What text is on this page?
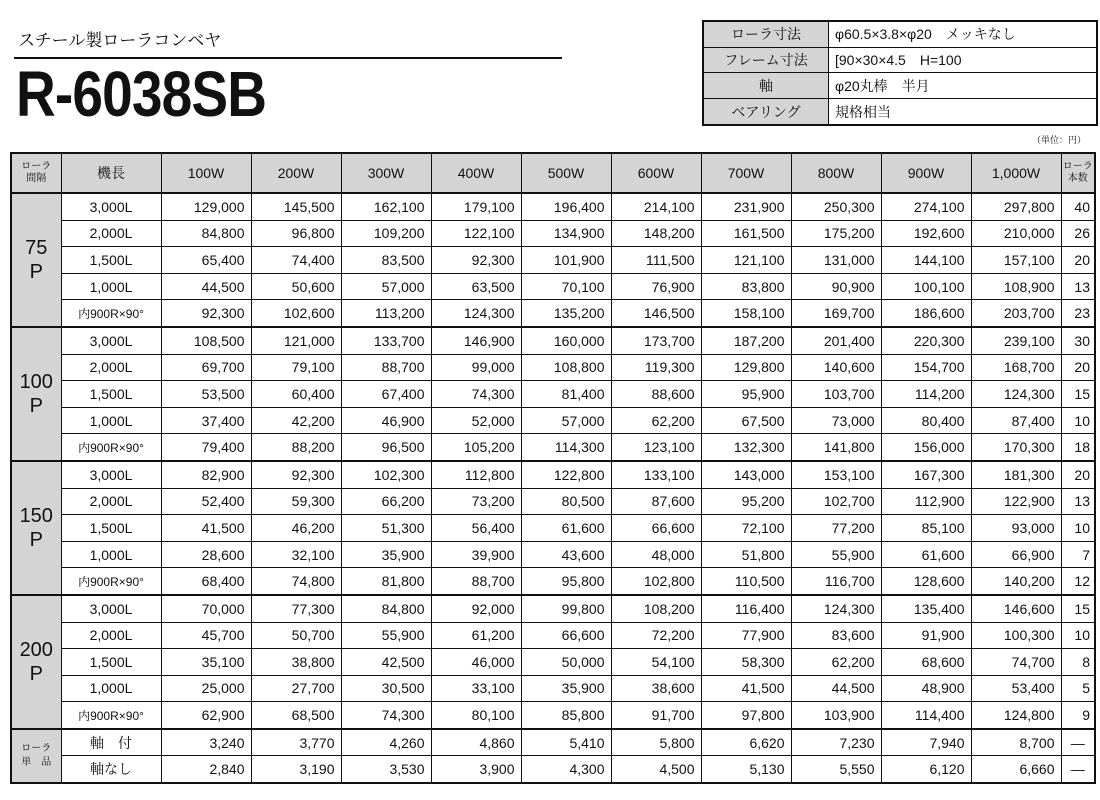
スチール製ローラコンベヤ
R-6038SB
ローラ寸法	φ60.5×3.8×φ20　メッキなし
フレーム寸法	[90×30×4.5　H=100
軸	φ20丸棒　半月
ベアリング	規格相当
（単位：円）
ローラ
間隔	機長	100W	200W	300W	400W	500W	600W	700W	800W	900W	1,000W	ローラ
本数
75
P	3,000L	129,000	145,500	162,100	179,100	196,400	214,100	231,900	250,300	274,100	297,800	40
	2,000L	84,800	96,800	109,200	122,100	134,900	148,200	161,500	175,200	192,600	210,000	26
	1,500L	65,400	74,400	83,500	92,300	101,900	111,500	121,100	131,000	144,100	157,100	20
	1,000L	44,500	50,600	57,000	63,500	70,100	76,900	83,800	90,900	100,100	108,900	13
	内900R×90°	92,300	102,600	113,200	124,300	135,200	146,500	158,100	169,700	186,600	203,700	23
100
P	3,000L	108,500	121,000	133,700	146,900	160,000	173,700	187,200	201,400	220,300	239,100	30
	2,000L	69,700	79,100	88,700	99,000	108,800	119,300	129,800	140,600	154,700	168,700	20
	1,500L	53,500	60,400	67,400	74,300	81,400	88,600	95,900	103,700	114,200	124,300	15
	1,000L	37,400	42,200	46,900	52,000	57,000	62,200	67,500	73,000	80,400	87,400	10
	内900R×90°	79,400	88,200	96,500	105,200	114,300	123,100	132,300	141,800	156,000	170,300	18
150
P	3,000L	82,900	92,300	102,300	112,800	122,800	133,100	143,000	153,100	167,300	181,300	20
	2,000L	52,400	59,300	66,200	73,200	80,500	87,600	95,200	102,700	112,900	122,900	13
	1,500L	41,500	46,200	51,300	56,400	61,600	66,600	72,100	77,200	85,100	93,000	10
	1,000L	28,600	32,100	35,900	39,900	43,600	48,000	51,800	55,900	61,600	66,900	7
	内900R×90°	68,400	74,800	81,800	88,700	95,800	102,800	110,500	116,700	128,600	140,200	12
200
P	3,000L	70,000	77,300	84,800	92,000	99,800	108,200	116,400	124,300	135,400	146,600	15
	2,000L	45,700	50,700	55,900	61,200	66,600	72,200	77,900	83,600	91,900	100,300	10
	1,500L	35,100	38,800	42,500	46,000	50,000	54,100	58,300	62,200	68,600	74,700	8
	1,000L	25,000	27,700	30,500	33,100	35,900	38,600	41,500	44,500	48,900	53,400	5
	内900R×90°	62,900	68,500	74,300	80,100	85,800	91,700	97,800	103,900	114,400	124,800	9
ローラ
単　品	軸　付	3,240	3,770	4,260	4,860	5,410	5,800	6,620	7,230	7,940	8,700	—
	軸なし	2,840	3,190	3,530	3,900	4,300	4,500	5,130	5,550	6,120	6,660	—
